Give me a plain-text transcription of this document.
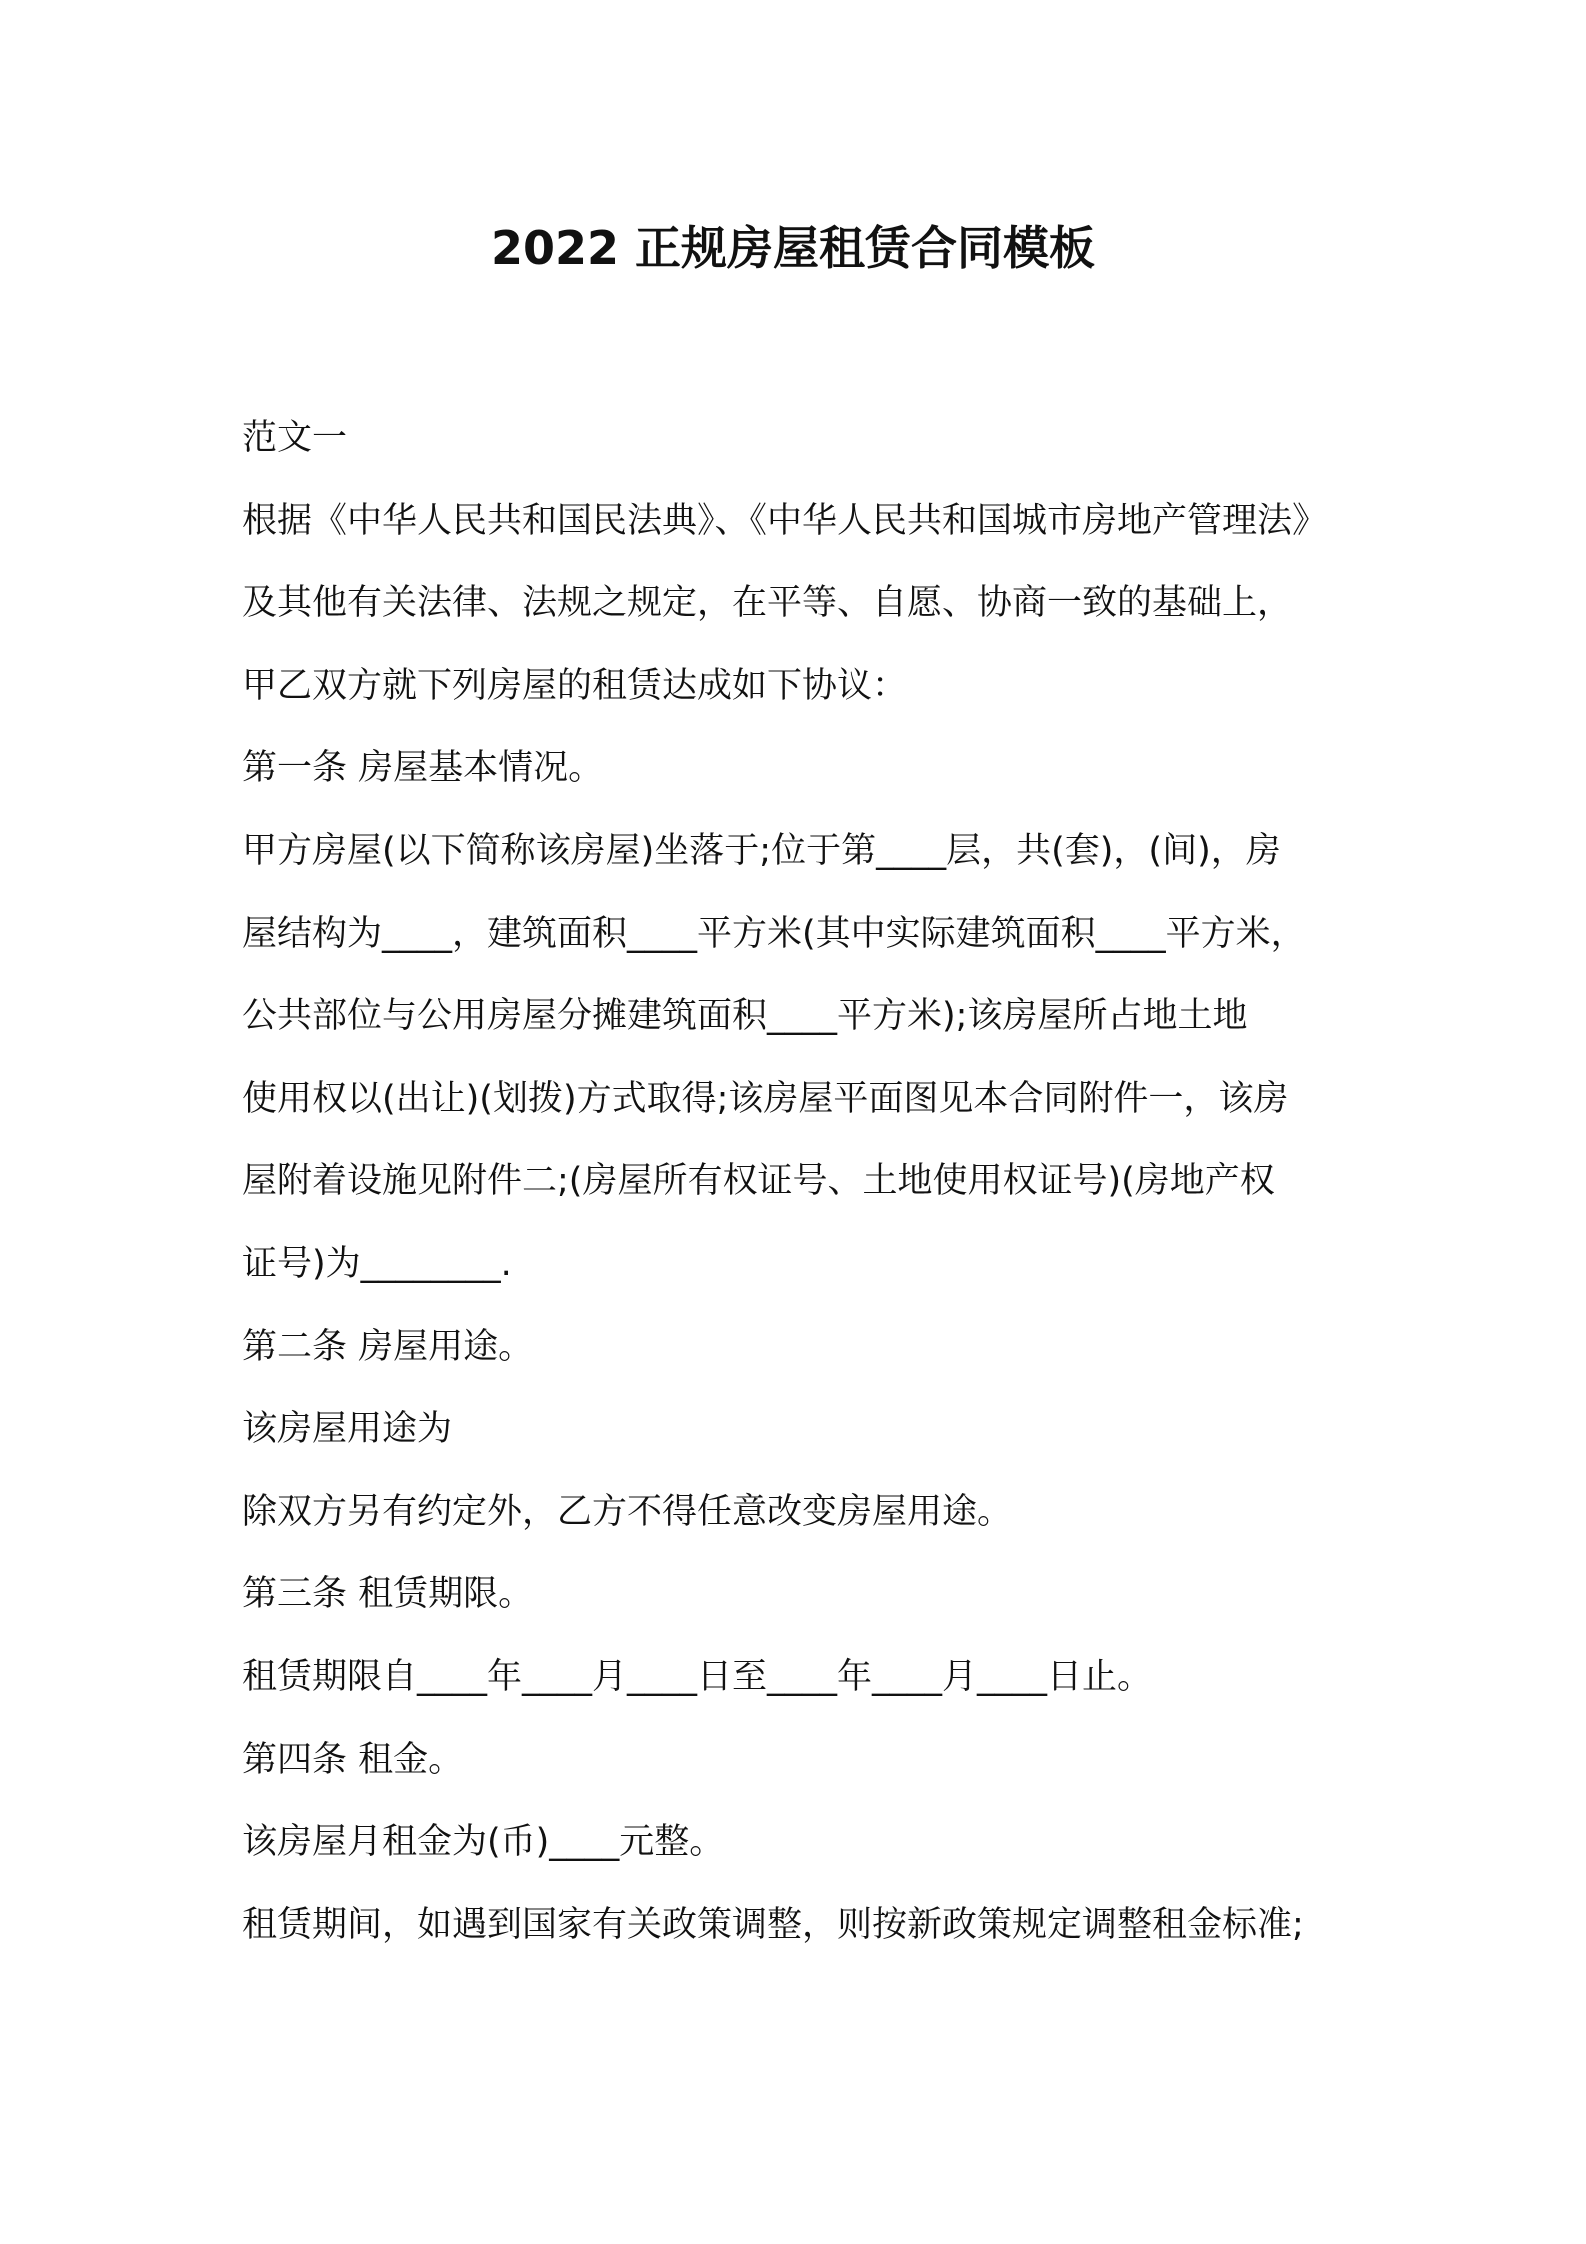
2022 正规房屋租赁合同模板

范文一

根据《中华人民共和国民法典》、《中华人民共和国城市房地产管理法》

及其他有关法律、法规之规定，在平等、自愿、协商一致的基础上，

甲乙双方就下列房屋的租赁达成如下协议：

第一条 房屋基本情况。

甲方房屋(以下简称该房屋)坐落于;位于第____层，共(套)，(间)，房

屋结构为____，建筑面积____平方米(其中实际建筑面积____平方米，

公共部位与公用房屋分摊建筑面积____平方米);该房屋所占地土地

使用权以(出让)(划拨)方式取得;该房屋平面图见本合同附件一，该房

屋附着设施见附件二;(房屋所有权证号、土地使用权证号)(房地产权

证号)为________.

第二条 房屋用途。

该房屋用途为

除双方另有约定外，乙方不得任意改变房屋用途。

第三条 租赁期限。

租赁期限自____年____月____日至____年____月____日止。

第四条 租金。

该房屋月租金为(币)____元整。

租赁期间，如遇到国家有关政策调整，则按新政策规定调整租金标准;
